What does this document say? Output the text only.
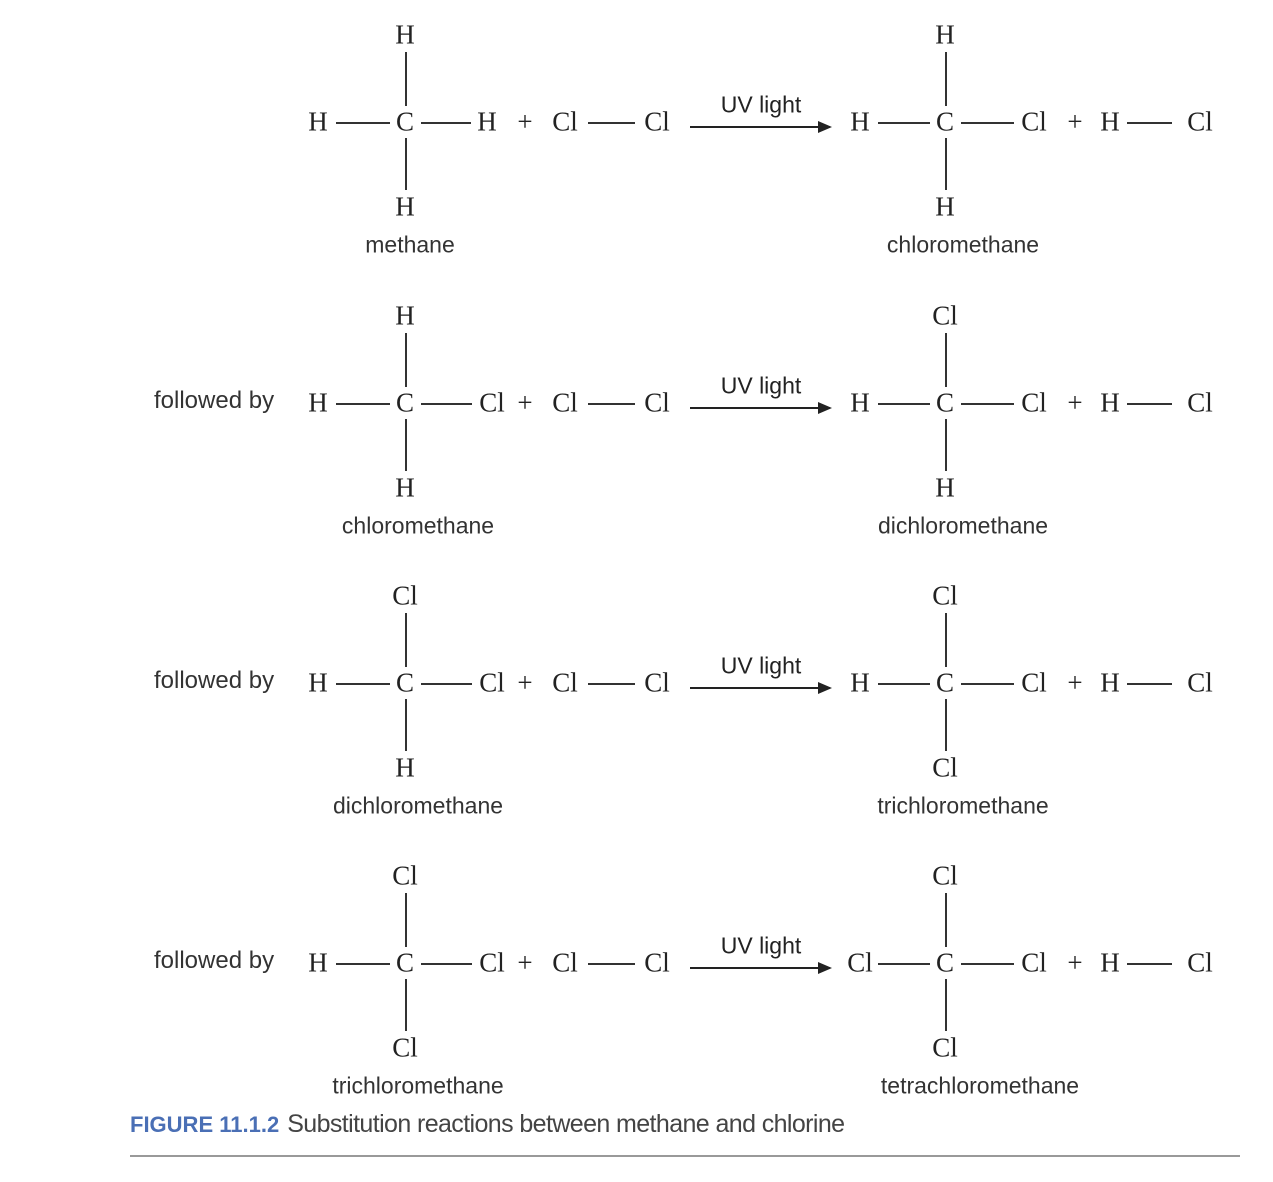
C
H
H
H	H
methane
+ Cl Cl
UV light
C
H
H
H	Cl
chloromethane
+ H Cl
followed by	C
H
H
H	Cl
chloromethane
+ Cl Cl
UV light
C
Cl
H
H	Cl
dichloromethane
+ H Cl
followed by	C
Cl
H
H	Cl
dichloromethane
+ Cl Cl
UV light
C
Cl
Cl
H	Cl
trichloromethane
+ H Cl
followed by	C
Cl
Cl
H	Cl
trichloromethane
+ Cl Cl
UV light
C
Cl
Cl
Cl	Cl
tetrachloromethane
+ H Cl
FIGURE 11.1.2 Substitution reactions between methane and chlorine
